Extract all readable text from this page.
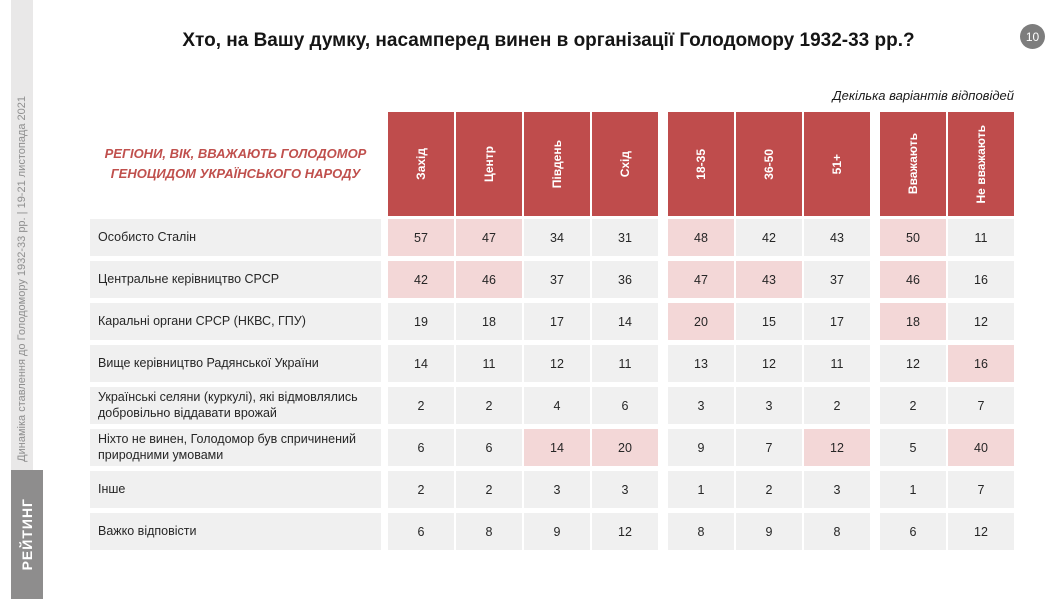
Динаміка ставлення до Голодомору 1932-33 рр. | 19-21 листопада 2021
РЕЙТИНГ
10
Хто, на Вашу думку, насамперед винен в організації Голодомору 1932-33 рр.?
Декілька варіантів відповідей
РЕГІОНИ, ВІК, ВВАЖАЮТЬ ГОЛОДОМОР ГЕНОЦИДОМ УКРАЇНСЬКОГО НАРОДУ	Захід	Центр	Південь	Схід	18-35	36-50	51+	Вважають	Не вважають
Особисто Сталін	57	47	34	31	48	42	43	50	11
Центральне керівництво СРСР	42	46	37	36	47	43	37	46	16
Каральні органи СРСР (НКВС, ГПУ)	19	18	17	14	20	15	17	18	12
Вище керівництво Радянської України	14	11	12	11	13	12	11	12	16
Українські селяни (куркулі), які відмовлялись добровільно віддавати врожай	2	2	4	6	3	3	2	2	7
Ніхто не винен, Голодомор був спричинений природними умовами	6	6	14	20	9	7	12	5	40
Інше	2	2	3	3	1	2	3	1	7
Важко відповісти	6	8	9	12	8	9	8	6	12
